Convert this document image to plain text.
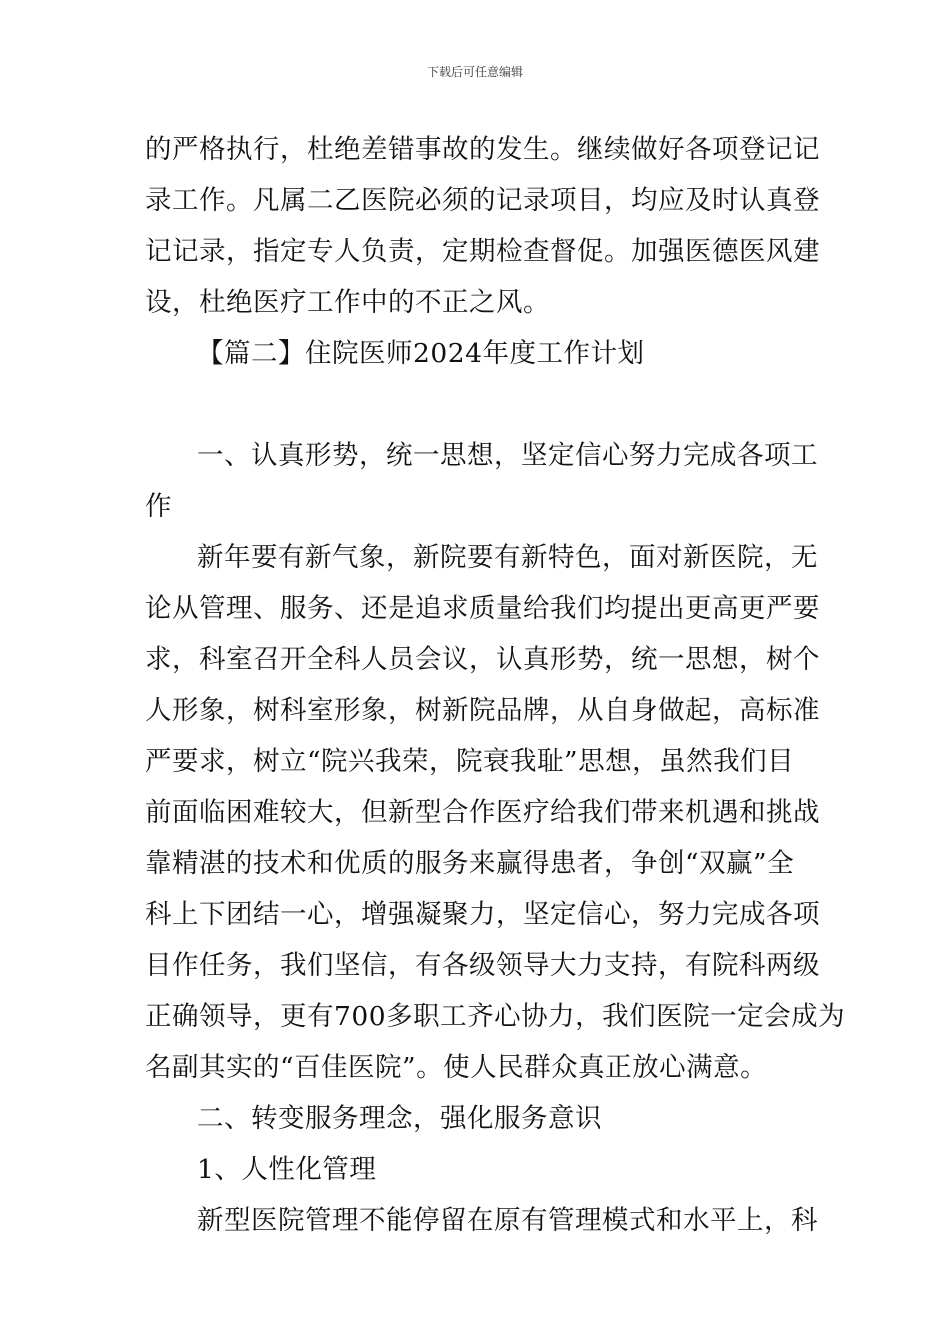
下载后可任意编辑
的严格执行，杜绝差错事故的发生。继续做好各项登记记
录工作。凡属二乙医院必须的记录项目，均应及时认真登
记记录，指定专人负责，定期检查督促。加强医德医风建
设，杜绝医疗工作中的不正之风。
【篇二】住院医师2024年度工作计划
一、认真形势，统一思想，坚定信心努力完成各项工
作
新年要有新气象，新院要有新特色，面对新医院，无
论从管理、服务、还是追求质量给我们均提出更高更严要
求，科室召开全科人员会议，认真形势，统一思想，树个
人形象，树科室形象，树新院品牌，从自身做起，高标准
严要求，树立“院兴我荣，院衰我耻”思想，虽然我们目
前面临困难较大，但新型合作医疗给我们带来机遇和挑战
靠精湛的技术和优质的服务来赢得患者，争创“双赢”全
科上下团结一心，增强凝聚力，坚定信心，努力完成各项
目作任务，我们坚信，有各级领导大力支持，有院科两级
正确领导，更有700多职工齐心协力，我们医院一定会成为
名副其实的“百佳医院”。使人民群众真正放心满意。
二、转变服务理念，强化服务意识
1、人性化管理
新型医院管理不能停留在原有管理模式和水平上，科
